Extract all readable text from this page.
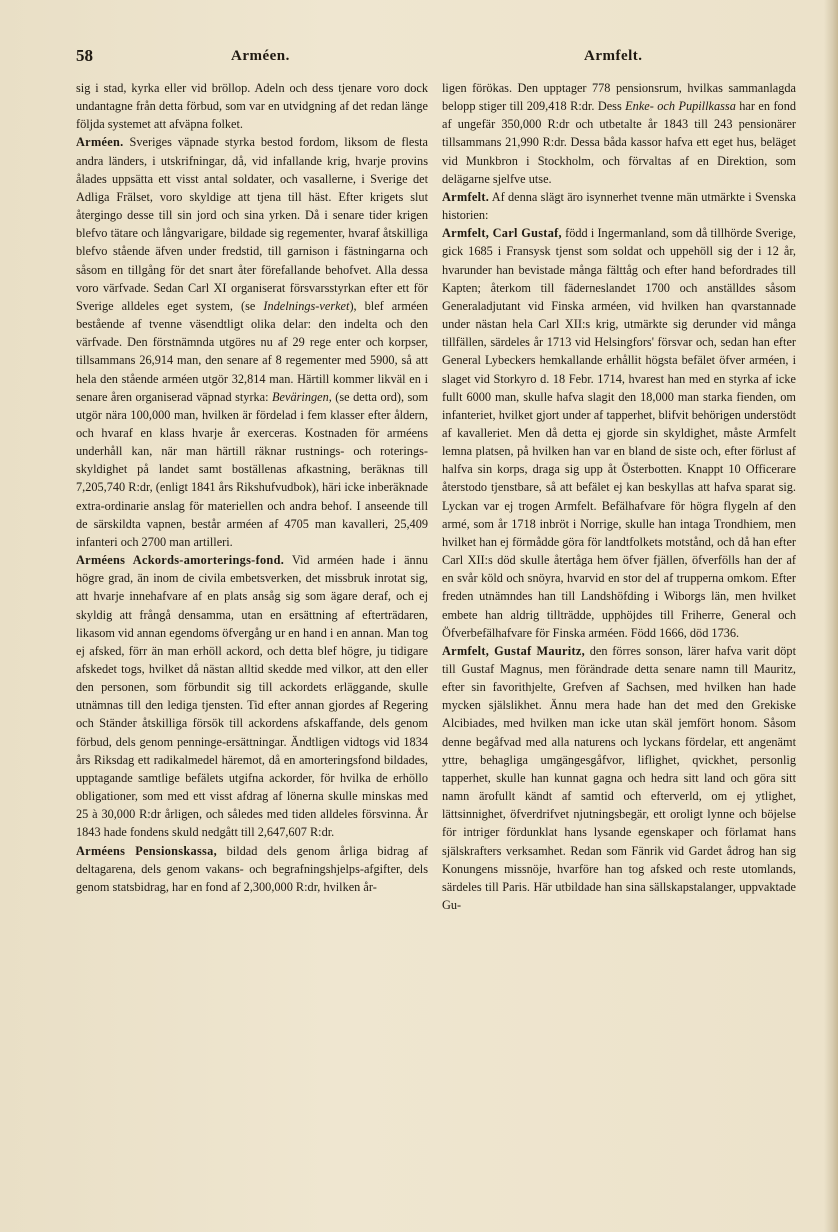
58	Arméen.	Armfelt.

sig i stad, kyrka eller vid bröllop. Adeln och dess tjenare voro dock undantagne från detta förbud, som var en utvidgning af det redan länge följda systemet att afväpna folket.

Arméen. Sveriges väpnade styrka bestod fordom, liksom de flesta andra länders, i utskrifningar, då, vid infallande krig, hvarje provins ålades uppsätta ett visst antal soldater, och vasallerne, i Sverige det Adliga Frälset, voro skyldige att tjena till häst. Efter krigets slut återgingo desse till sin jord och sina yrken. Då i senare tider krigen blefvo tätare och långvarigare, bildade sig regementer, hvaraf åtskilliga blefvo stående äfven under fredstid, till garnison i fästningarna och såsom en tillgång för det snart åter förefallande behofvet. Alla dessa voro värfvade. Sedan Carl XI organiserat försvarsstyrkan efter ett för Sverige alldeles eget system, (se Indelnings-verket), blef arméen bestående af tvenne väsendtligt olika delar: den indelta och den värfvade. Den förstnämnda utgöres nu af 29 rege enter och korpser, tillsammans 26,914 man, den senare af 8 regementer med 5900, så att hela den stående arméen utgör 32,814 man. Härtill kommer likväl en i senare åren organiserad väpnad styrka: Beväringen, (se detta ord), som utgör nära 100,000 man, hvilken är fördelad i fem klasser efter åldern, och hvaraf en klass hvarje år exerceras. Kostnaden för arméens underhåll kan, när man härtill räknar rustnings- och roterings-skyldighet på landet samt boställenas afkastning, beräknas till 7,205,740 R:dr, (enligt 1841 års Rikshufvudbok), häri icke inberäknade extra-ordinarie anslag för materiellen och andra behof. I anseende till de särskildta vapnen, består arméen af 4705 man kavalleri, 25,409 infanteri och 2700 man artilleri.

Arméens Ackords-amorterings-fond. Vid arméen hade i ännu högre grad, än inom de civila embetsverken, det missbruk inrotat sig, att hvarje innehafvare af en plats ansåg sig som ägare deraf, och ej skyldig att frångå densamma, utan en ersättning af efterträdaren, likasom vid annan egendoms öfvergång ur en hand i en annan. Man tog ej afsked, förr än man erhöll ackord, och detta blef högre, ju tidigare afskedet togs, hvilket då nästan alltid skedde med vilkor, att den eller den personen, som förbundit sig till ackordets erläggande, skulle utnämnas till den lediga tjensten. Tid efter annan gjordes af Regering och Ständer åtskilliga försök till ackordens afskaffande, dels genom förbud, dels genom penninge-ersättningar. Ändtligen vidtogs vid 1834 års Riksdag ett radikalmedel häremot, då en amorteringsfond bildades, upptagande samtlige befälets utgifna ackorder, för hvilka de erhöllo obligationer, som med ett visst afdrag af lönerna skulle minskas med 25 à 30,000 R:dr årligen, och således med tiden alldeles försvinna. År 1843 hade fondens skuld nedgått till 2,647,607 R:dr.

Arméens Pensionskassa, bildad dels genom årliga bidrag af deltagarena, dels genom vakans- och begrafningshjelps-afgifter, dels genom statsbidrag, har en fond af 2,300,000 R:dr, hvilken år-

ligen förökas. Den upptager 778 pensionsrum, hvilkas sammanlagda belopp stiger till 209,418 R:dr. Dess Enke- och Pupillkassa har en fond af ungefär 350,000 R:dr och utbetalte år 1843 till 243 pensionärer tillsammans 21,990 R:dr. Dessa båda kassor hafva ett eget hus, beläget vid Munkbron i Stockholm, och förvaltas af en Direktion, som delägarne sjelfve utse.

Armfelt. Af denna slägt äro isynnerhet tvenne män utmärkte i Svenska historien:

Armfelt, Carl Gustaf, född i Ingermanland, som då tillhörde Sverige, gick 1685 i Fransysk tjenst som soldat och uppehöll sig der i 12 år, hvarunder han bevistade många fälttåg och efter hand befordrades till Kapten; återkom till fäderneslandet 1700 och anställdes såsom Generaladjutant vid Finska arméen, vid hvilken han qvarstannade under nästan hela Carl XII:s krig, utmärkte sig derunder vid många tillfällen, särdeles år 1713 vid Helsingfors' försvar och, sedan han efter General Lybeckers hemkallande erhållit högsta befälet öfver arméen, i slaget vid Storkyro d. 18 Febr. 1714, hvarest han med en styrka af icke fullt 6000 man, skulle hafva slagit den 18,000 man starka fienden, om infanteriet, hvilket gjort under af tapperhet, blifvit behörigen understödt af kavalleriet. Men då detta ej gjorde sin skyldighet, måste Armfelt lemna platsen, på hvilken han var en bland de siste och, efter förlust af halfva sin korps, draga sig upp åt Österbotten. Knappt 10 Officerare återstodo tjenstbare, så att befälet ej kan beskyllas att hafva sparat sig. Lyckan var ej trogen Armfelt. Befälhafvare för högra flygeln af den armé, som år 1718 inbröt i Norrige, skulle han intaga Trondhiem, men hvilket han ej förmådde göra för landtfolkets motstånd, och då han efter Carl XII:s död skulle återtåga hem öfver fjällen, öfverfölls han der af en svår köld och snöyra, hvarvid en stor del af trupperna omkom. Efter freden utnämndes han till Landshöfding i Wiborgs län, men hvilket embete han aldrig tillträdde, upphöjdes till Friherre, General och Öfverbefälhafvare för Finska arméen. Född 1666, död 1736.

Armfelt, Gustaf Mauritz, den förres sonson, lärer hafva varit döpt till Gustaf Magnus, men förändrade detta senare namn till Mauritz, efter sin favorithjelte, Grefven af Sachsen, med hvilken han hade mycken själslikhet. Ännu mera hade han det med den Grekiske Alcibiades, med hvilken man icke utan skäl jemfört honom. Såsom denne begåfvad med alla naturens och lyckans fördelar, ett angenämt yttre, behagliga umgängesgåfvor, liflighet, qvickhet, personlig tapperhet, skulle han kunnat gagna och hedra sitt land och göra sitt namn ärofullt kändt af samtid och efterverld, om ej ytlighet, lättsinnighet, öfverdrifvet njutningsbegär, ett oroligt lynne och böjelse för intriger fördunklat hans lysande egenskaper och förlamat hans själskrafters verksamhet. Redan som Fänrik vid Gardet ådrog han sig Konungens missnöje, hvarföre han tog afsked och reste utomlands, särdeles till Paris. Här utbildade han sina sällskapstalanger, uppvaktade Gu-
